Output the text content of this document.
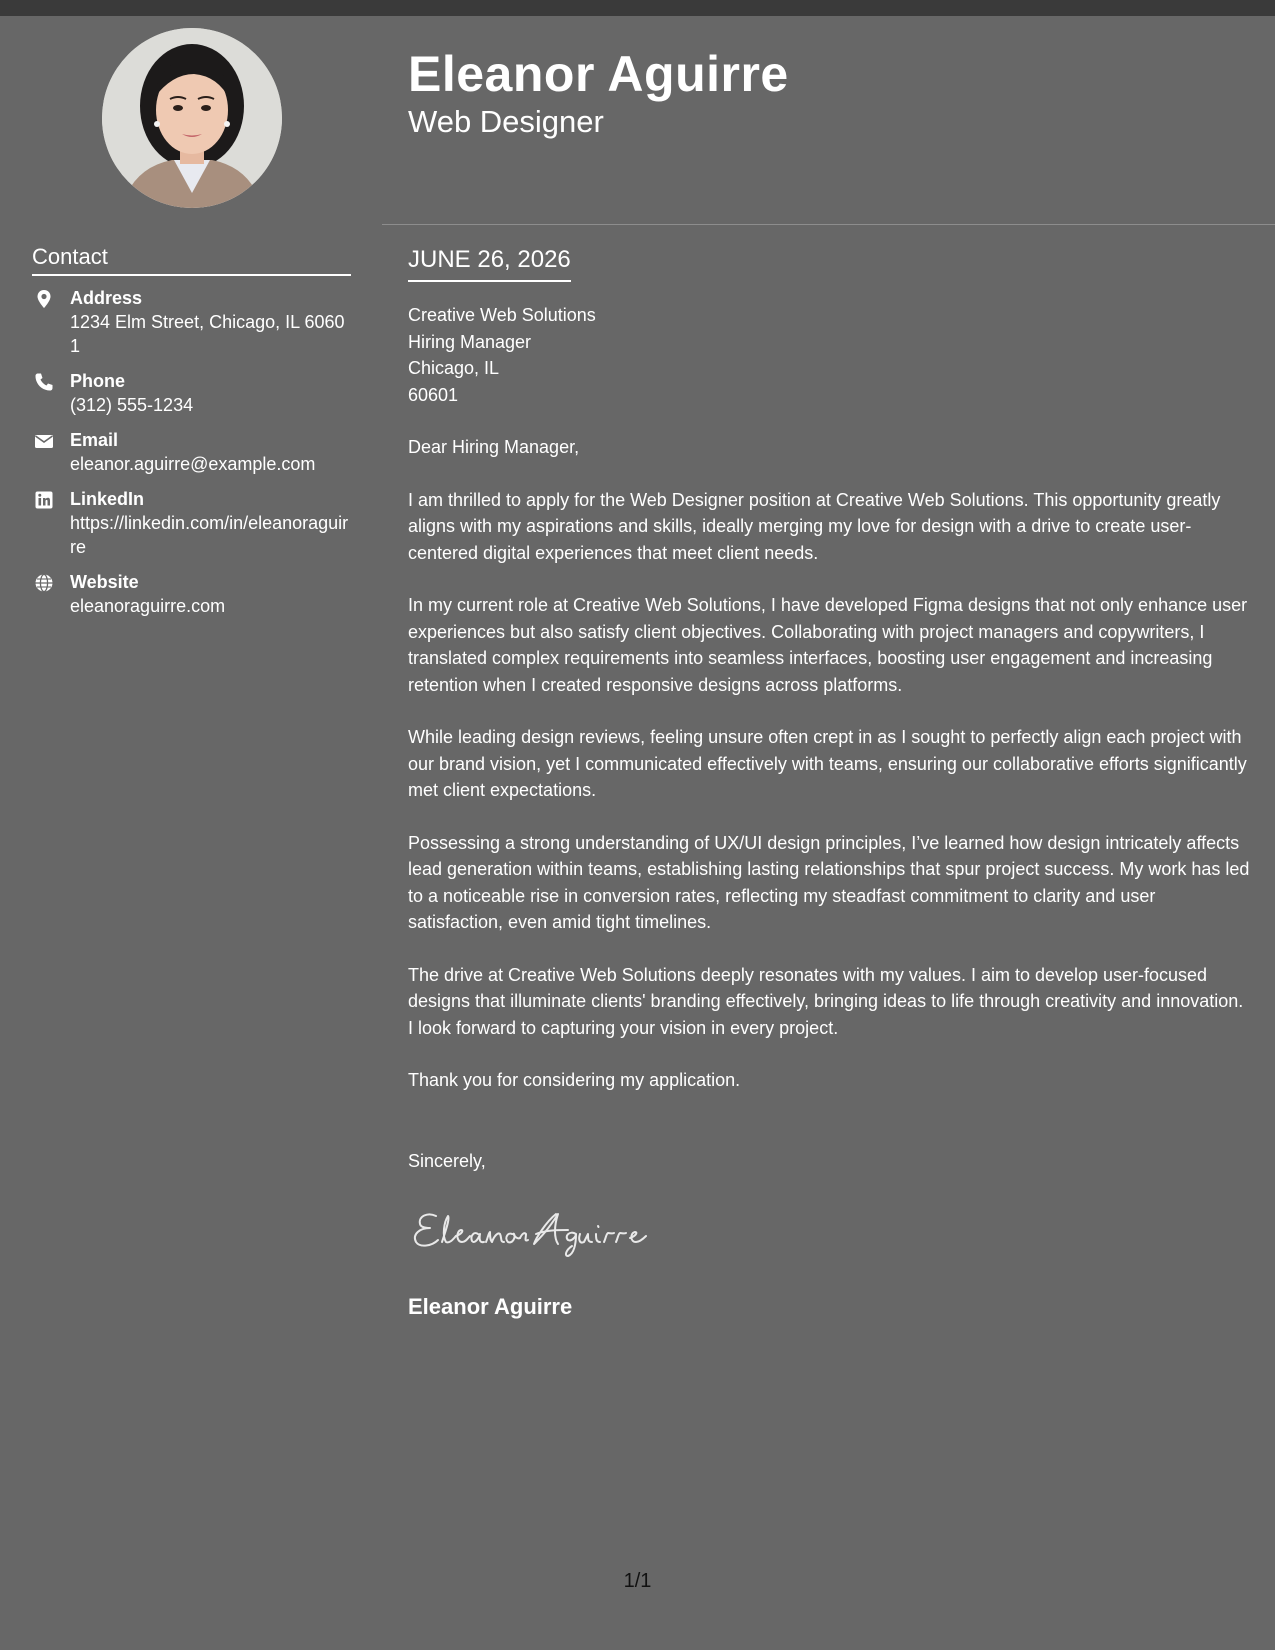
Contact
Address
1234 Elm Street, Chicago, IL 60601
Phone
(312) 555-1234
Email
eleanor.aguirre@example.com
LinkedIn
https://linkedin.com/in/eleanoraguirre
Website
eleanoraguirre.com
Eleanor Aguirre
Web Designer
JUNE 26, 2026

Creative Web Solutions
Hiring Manager
Chicago, IL
60601

Dear Hiring Manager,

I am thrilled to apply for the Web Designer position at Creative Web Solutions. This opportunity greatly aligns with my aspirations and skills, ideally merging my love for design with a drive to create user-centered digital experiences that meet client needs.

In my current role at Creative Web Solutions, I have developed Figma designs that not only enhance user experiences but also satisfy client objectives. Collaborating with project managers and copywriters, I translated complex requirements into seamless interfaces, boosting user engagement and increasing retention when I created responsive designs across platforms.

While leading design reviews, feeling unsure often crept in as I sought to perfectly align each project with our brand vision, yet I communicated effectively with teams, ensuring our collaborative efforts significantly met client expectations.

Possessing a strong understanding of UX/UI design principles, I’ve learned how design intricately affects lead generation within teams, establishing lasting relationships that spur project success. My work has led to a noticeable rise in conversion rates, reflecting my steadfast commitment to clarity and user satisfaction, even amid tight timelines.

The drive at Creative Web Solutions deeply resonates with my values. I aim to develop user-focused designs that illuminate clients' branding effectively, bringing ideas to life through creativity and innovation. I look forward to capturing your vision in every project.

Thank you for considering my application.

Sincerely,
Eleanor Aguirre
1/1
